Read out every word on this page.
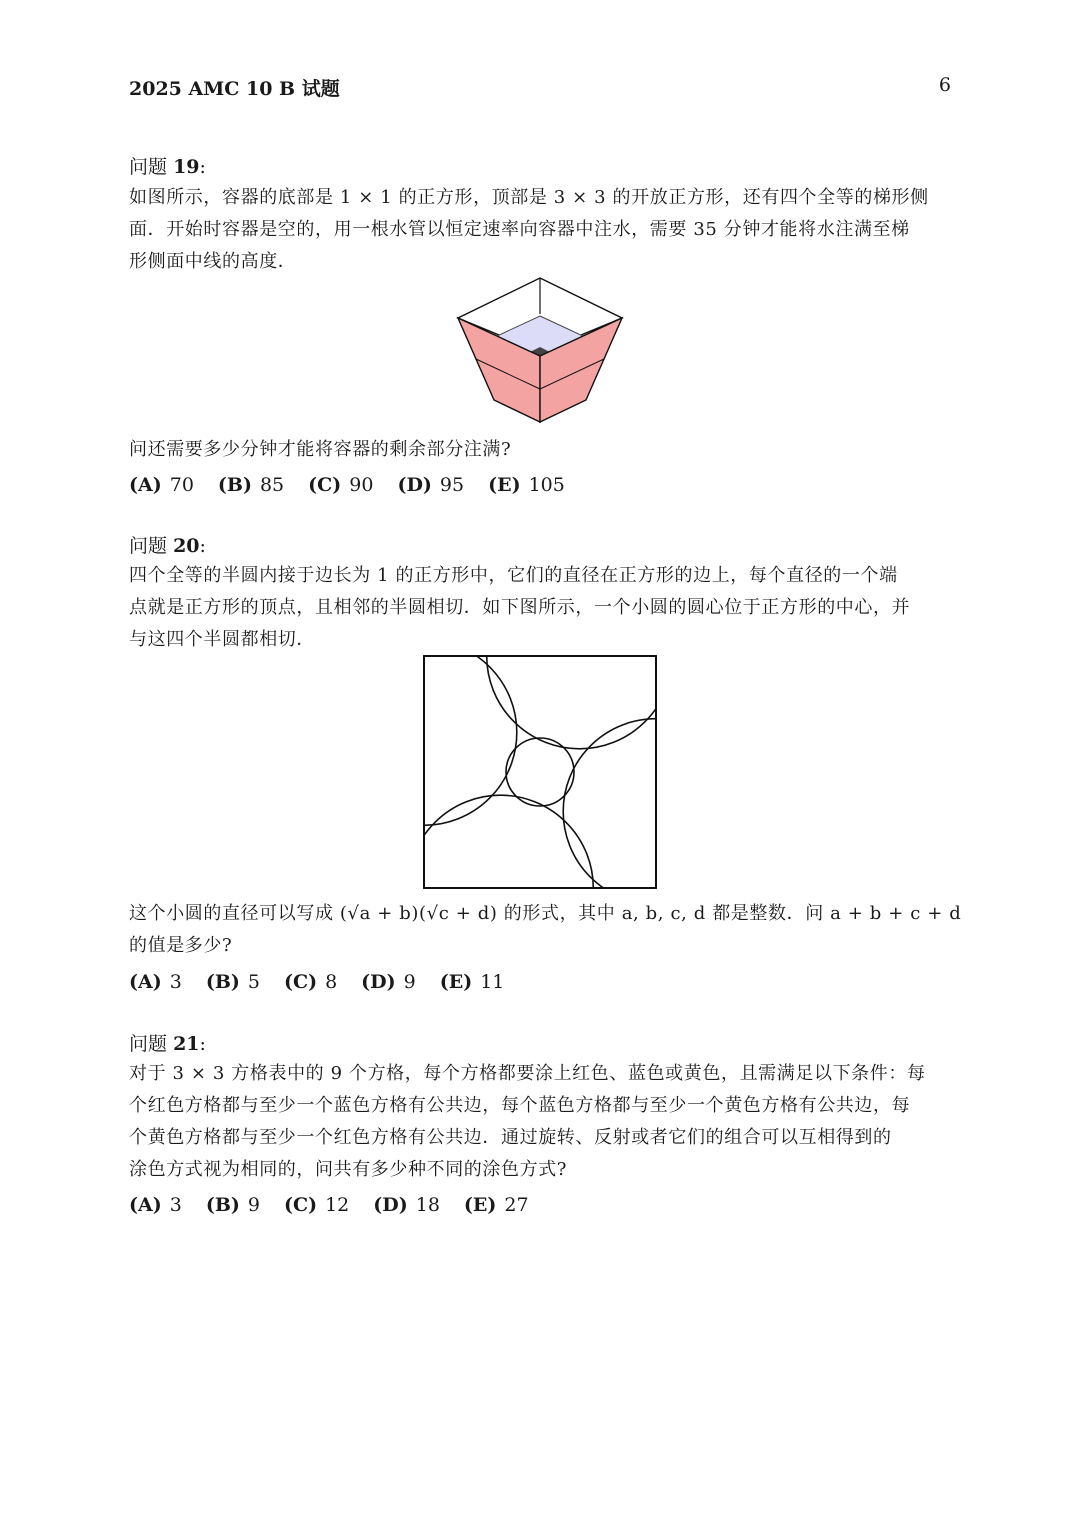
2025 AMC 10 B 试题	6
问题 19:
如图所示，容器的底部是 1 × 1 的正方形，顶部是 3 × 3 的开放正方形，还有四个全等的梯形侧
面．开始时容器是空的，用一根水管以恒定速率向容器中注水，需要 35 分钟才能将水注满至梯
形侧面中线的高度．
问还需要多少分钟才能将容器的剩余部分注满?
(A) 70 (B) 85 (C) 90 (D) 95 (E) 105
问题 20:
四个全等的半圆内接于边长为 1 的正方形中，它们的直径在正方形的边上，每个直径的一个端
点就是正方形的顶点，且相邻的半圆相切．如下图所示，一个小圆的圆心位于正方形的中心，并
与这四个半圆都相切．
这个小圆的直径可以写成 (√a + b)(√c + d) 的形式，其中 a, b, c, d 都是整数．问 a + b + c + d
的值是多少?
(A) 3 (B) 5 (C) 8 (D) 9 (E) 11
问题 21:
对于 3 × 3 方格表中的 9 个方格，每个方格都要涂上红色、蓝色或黄色，且需满足以下条件：每
个红色方格都与至少一个蓝色方格有公共边，每个蓝色方格都与至少一个黄色方格有公共边，每
个黄色方格都与至少一个红色方格有公共边．通过旋转、反射或者它们的组合可以互相得到的
涂色方式视为相同的，问共有多少种不同的涂色方式?
(A) 3 (B) 9 (C) 12 (D) 18 (E) 27
